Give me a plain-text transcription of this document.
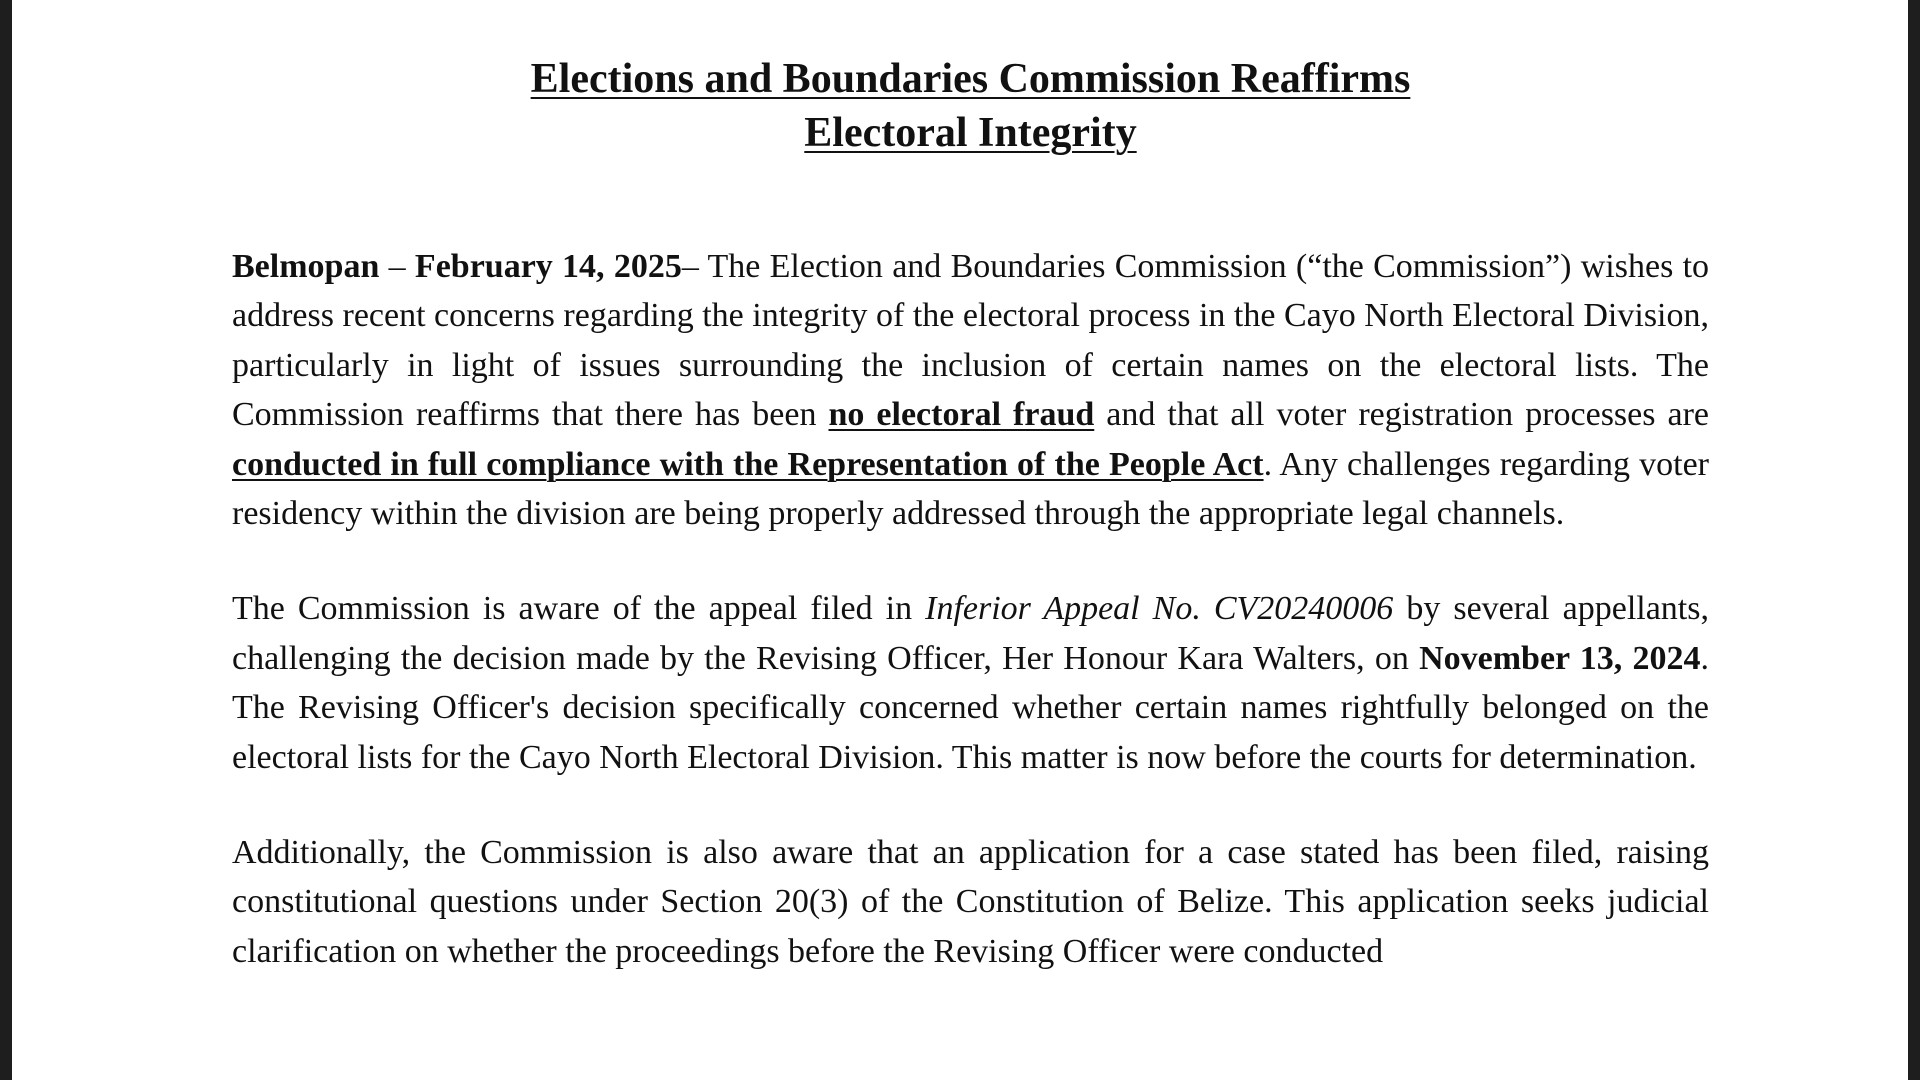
Elections and Boundaries Commission Reaffirms
Electoral Integrity

Belmopan – February 14, 2025– The Election and Boundaries Commission (“the Commission”) wishes to address recent concerns regarding the integrity of the electoral process in the Cayo North Electoral Division, particularly in light of issues surrounding the inclusion of certain names on the electoral lists. The Commission reaffirms that there has been no electoral fraud and that all voter registration processes are conducted in full compliance with the Representation of the People Act. Any challenges regarding voter residency within the division are being properly addressed through the appropriate legal channels.

The Commission is aware of the appeal filed in Inferior Appeal No. CV20240006 by several appellants, challenging the decision made by the Revising Officer, Her Honour Kara Walters, on November 13, 2024. The Revising Officer's decision specifically concerned whether certain names rightfully belonged on the electoral lists for the Cayo North Electoral Division. This matter is now before the courts for determination.

Additionally, the Commission is also aware that an application for a case stated has been filed, raising constitutional questions under Section 20(3) of the Constitution of Belize. This application seeks judicial clarification on whether the proceedings before the Revising Officer were conducted
